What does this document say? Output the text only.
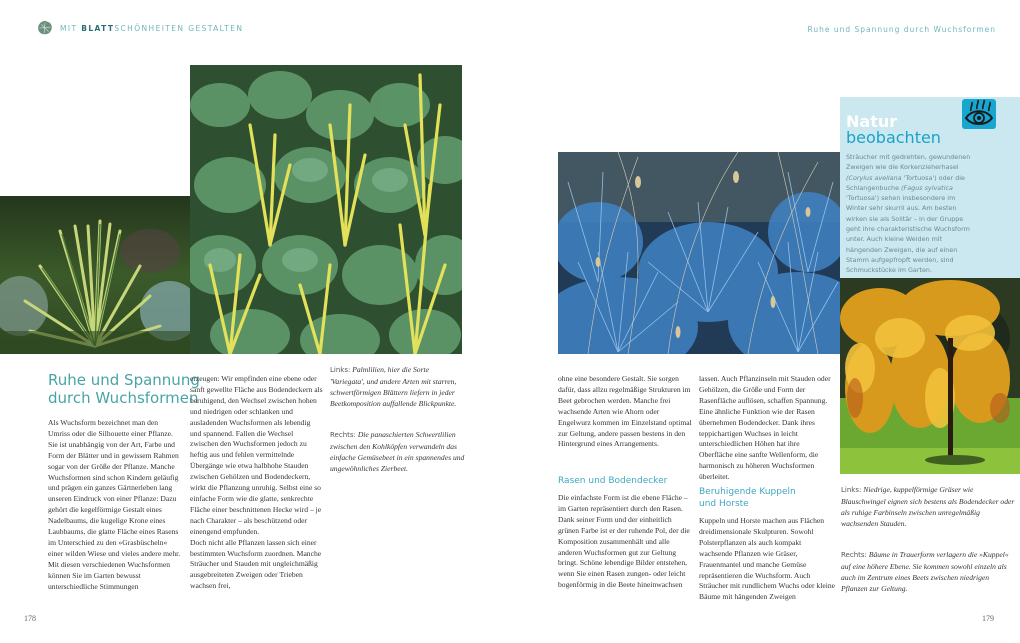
MIT BLATTSCHÖNHEITEN GESTALTEN	Ruhe und Spannung durch Wuchsformen
Ruhe und Spannung
durch Wuchsformen

Als Wuchsform bezeichnet man den Umriss oder die Silhouette einer Pflanze. Sie ist unabhängig von der Art, Farbe und Form der Blätter und in gewissem Rahmen sogar von der Größe der Pflanze. Manche Wuchsformen sind schon Kindern geläufig und prägen ein ganzes Gärtnerleben lang unseren Eindruck von einer Pflanze: Dazu gehört die kegelförmige Gestalt eines Nadelbaums, die kugelige Krone eines Laubbaums, die glatte Fläche eines Rasens im Unterschied zu den »Grasbüscheln« einer wilden Wiese und vieles andere mehr. Mit diesen verschiedenen Wuchsformen können Sie im Garten bewusst unterschiedliche Stimmungen

erzeugen: Wir empfinden eine ebene oder sanft gewellte Fläche aus Bodendeckern als beruhigend, den Wechsel zwischen hohen und niedrigen oder schlanken und ausladenden Wuchsformen als lebendig und spannend. Fallen die Wechsel zwischen den Wuchsformen jedoch zu heftig aus und fehlen vermittelnde Übergänge wie etwa halbhohe Stauden zwischen Gehölzen und Bodendeckern, wirkt die Pflanzung unruhig. Selbst eine so einfache Form wie die glatte, senkrechte Fläche einer beschnittenen Hecke wird – je nach Charakter – als beschützend oder einengend empfunden.

Doch nicht alle Pflanzen lassen sich einer bestimmten Wuchsform zuordnen. Manche Sträucher und Stauden mit ungleichmäßig ausgebreiteten Zweigen oder Trieben wachsen frei,

Links: Palmlilien, hier die Sorte 'Variegata', und andere Arten mit starren, schwertförmigen Blättern liefern in jeder Beetkomposition auffallende Blickpunkte.
Rechts: Die panaschierten Schwertlilien zwischen den Kohlköpfen verwandeln das einfache Gemüsebeet in ein spannendes und ungewöhnliches Zierbeet.
178
Natur
beobachten
Sträucher mit gedrehten, gewundenen Zweigen wie die Korkenzieherhasel (Corylus avellana 'Tortuosa') oder die Schlangenbuche (Fagus sylvatica 'Tortuosa') sehen insbesondere im Winter sehr skurril aus. Am besten wirken sie als Solitär – in der Gruppe geht ihre charakteristische Wuchsform unter. Auch kleine Weiden mit hängenden Zweigen, die auf einen Stamm aufgepfropft werden, sind Schmuckstücke im Garten.

ohne eine besondere Gestalt. Sie sorgen dafür, dass allzu regelmäßige Strukturen im Beet gebrochen werden. Manche frei wachsende Arten wie Ahorn oder Engelwurz kommen im Einzelstand optimal zur Geltung, andere passen bestens in den Hintergrund eines Arrangements.

Rasen und Bodendecker

Die einfachste Form ist die ebene Fläche – im Garten repräsentiert durch den Rasen. Dank seiner Form und der einheitlich grünen Farbe ist er der ruhende Pol, der die Komposition zusammenhält und alle anderen Wuchsformen gut zur Geltung bringt. Schöne lebendige Bilder entstehen, wenn Sie einen Rasen zungen- oder leicht bogenförmig in die Beete hineinwachsen

lassen. Auch Pflanzinseln mit Stauden oder Gehölzen, die Größe und Form der Rasenfläche auflösen, schaffen Spannung. Eine ähnliche Funktion wie der Rasen übernehmen Bodendecker. Dank ihres teppichartigen Wuchses in leicht unterschiedlichen Höhen hat ihre Oberfläche eine sanfte Wellenform, die harmonisch zu höheren Wuchsformen überleitet.

Beruhigende Kuppeln
und Horste

Kuppeln und Horste machen aus Flächen dreidimensionale Skulpturen. Sowohl Polsterpflanzen als auch kompakt wachsende Pflanzen wie Gräser, Frauenmantel und manche Gemüse repräsentieren die Wuchsform. Auch Sträucher mit rundlichem Wuchs oder kleine Bäume mit hängenden Zweigen

Links: Niedrige, kuppelförmige Gräser wie Blauschwingel eignen sich bestens als Bodendecker oder als ruhige Farbinseln zwischen unregelmäßig wachsenden Stauden.
Rechts: Bäume in Trauerform verlagern die »Kuppel« auf eine höhere Ebene. Sie kommen sowohl einzeln als auch im Zentrum eines Beets zwischen niedrigen Pflanzen zur Geltung.
179
